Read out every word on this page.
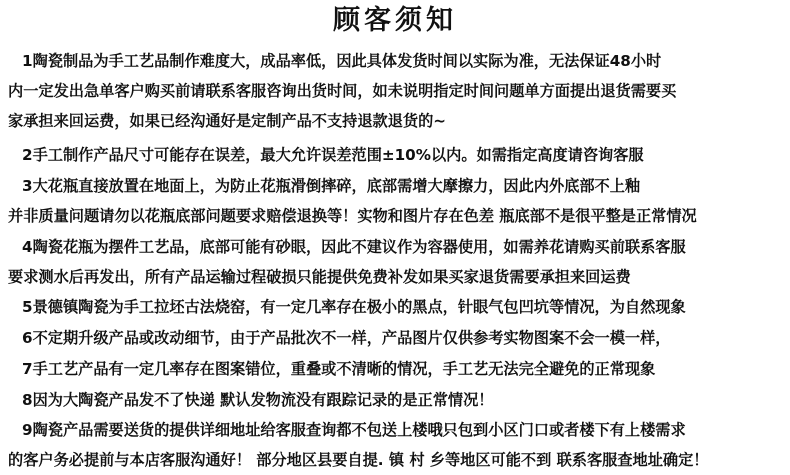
顾客须知
1陶瓷制品为手工艺品制作难度大，成品率低，因此具体发货时间以实际为准，无法保证48小时
内一定发出急单客户购买前请联系客服咨询出货时间，如未说明指定时间问题单方面提出退货需要买
家承担来回运费，如果已经沟通好是定制产品不支持退款退货的~
2手工制作产品尺寸可能存在误差，最大允许误差范围±10%以内。如需指定高度请咨询客服
3大花瓶直接放置在地面上，为防止花瓶滑倒摔碎，底部需增大摩擦力，因此内外底部不上釉
并非质量问题请勿以花瓶底部问题要求赔偿退换等！实物和图片存在色差 瓶底部不是很平整是正常情况
4陶瓷花瓶为摆件工艺品，底部可能有砂眼，因此不建议作为容器使用，如需养花请购买前联系客服
要求测水后再发出，所有产品运输过程破损只能提供免费补发如果买家退货需要承担来回运费
5景德镇陶瓷为手工拉坯古法烧窑，有一定几率存在极小的黑点，针眼气包凹坑等情况，为自然现象
6不定期升级产品或改动细节，由于产品批次不一样，产品图片仅供参考实物图案不会一模一样，
7手工艺产品有一定几率存在图案错位，重叠或不清晰的情况，手工艺无法完全避免的正常现象
8因为大陶瓷产品发不了快递 默认发物流没有跟踪记录的是正常情况！
9陶瓷产品需要送货的提供详细地址给客服查询都不包送上楼哦只包到小区门口或者楼下有上楼需求
的客户务必提前与本店客服沟通好！ 部分地区县要自提. 镇 村 乡等地区可能不到 联系客服查地址确定！
